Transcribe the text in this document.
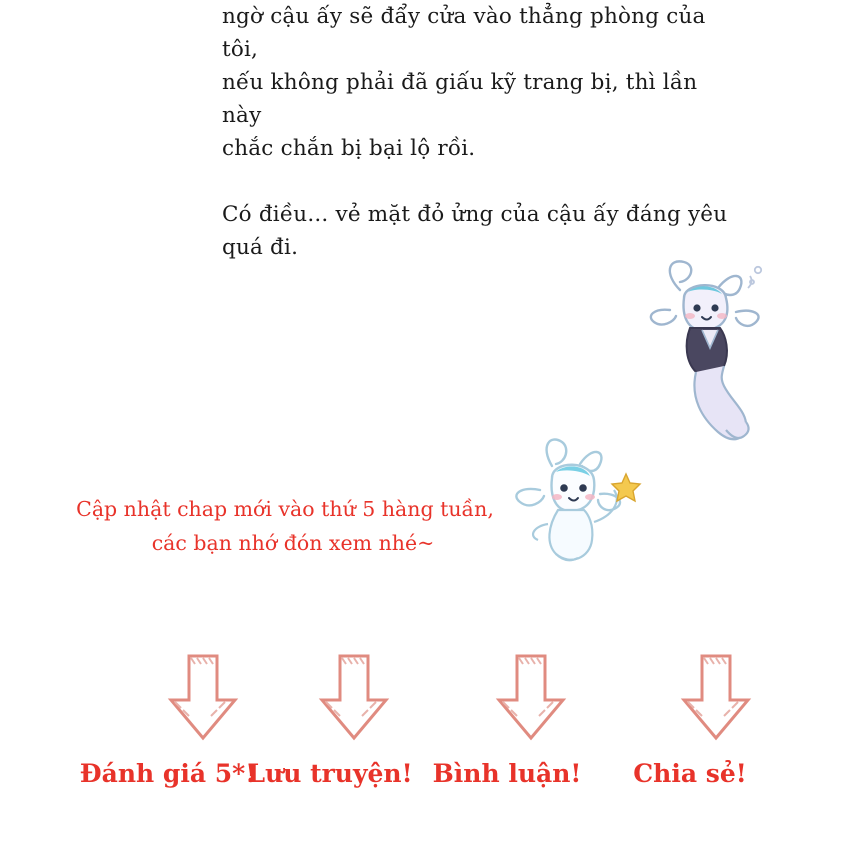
ngờ cậu ấy sẽ đẩy cửa vào thẳng phòng của tôi,

nếu không phải đã giấu kỹ trang bị, thì lần này

chắc chắn bị bại lộ rồi.

Có điều... vẻ mặt đỏ ửng của cậu ấy đáng yêu

quá đi.

Cập nhật chap mới vào thứ 5 hàng tuần,
các bạn nhớ đón xem nhé~
Đánh giá 5*!
Lưu truyện! Bình luận!	Chia sẻ!
